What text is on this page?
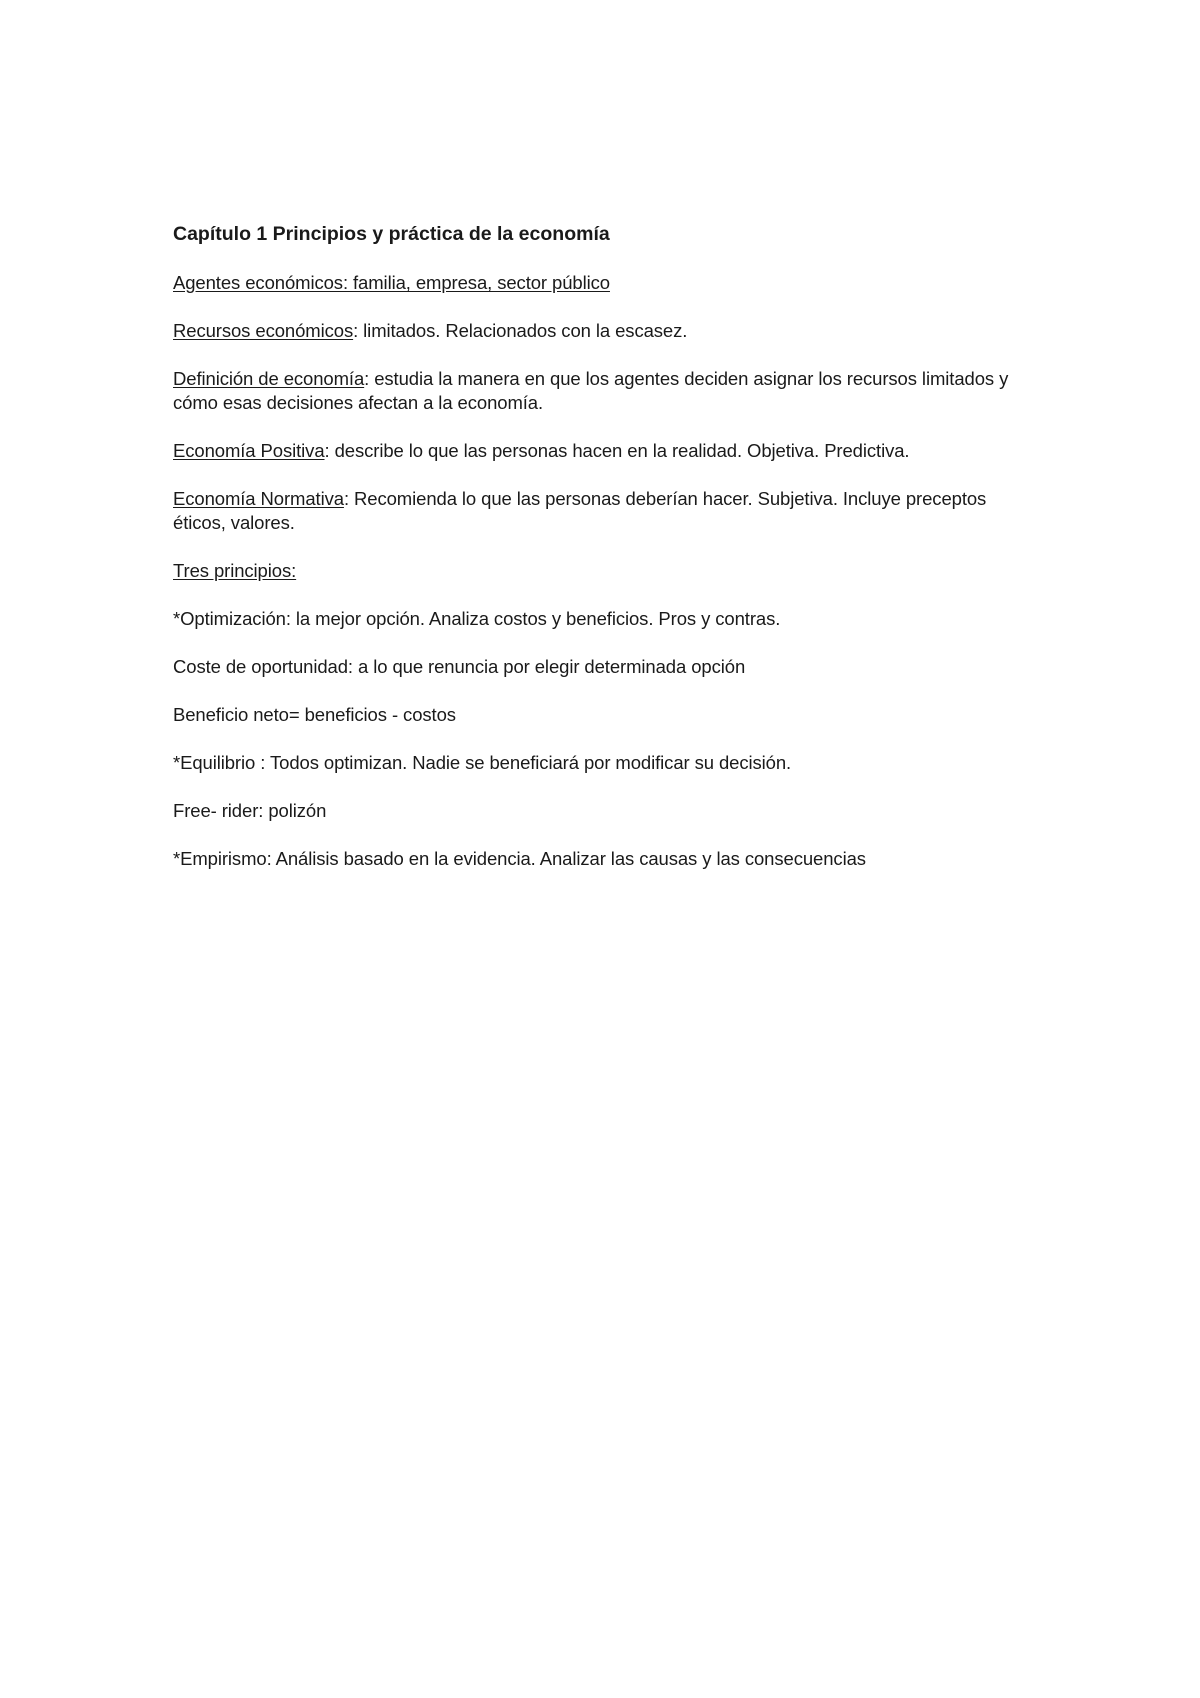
Capítulo 1 Principios y práctica de la economía

Agentes económicos: familia, empresa, sector público

Recursos económicos: limitados. Relacionados con la escasez.

Definición de economía: estudia la manera en que los agentes deciden asignar los recursos limitados y cómo esas decisiones afectan a la economía.

Economía Positiva: describe lo que las personas hacen en la realidad. Objetiva. Predictiva.

Economía Normativa: Recomienda lo que las personas deberían hacer. Subjetiva. Incluye preceptos éticos, valores.

Tres principios:

*Optimización: la mejor opción. Analiza costos y beneficios. Pros y contras.

Coste de oportunidad: a lo que renuncia por elegir determinada opción

Beneficio neto= beneficios - costos

*Equilibrio : Todos optimizan. Nadie se beneficiará por modificar su decisión.

Free- rider: polizón

*Empirismo: Análisis basado en la evidencia. Analizar las causas y las consecuencias
